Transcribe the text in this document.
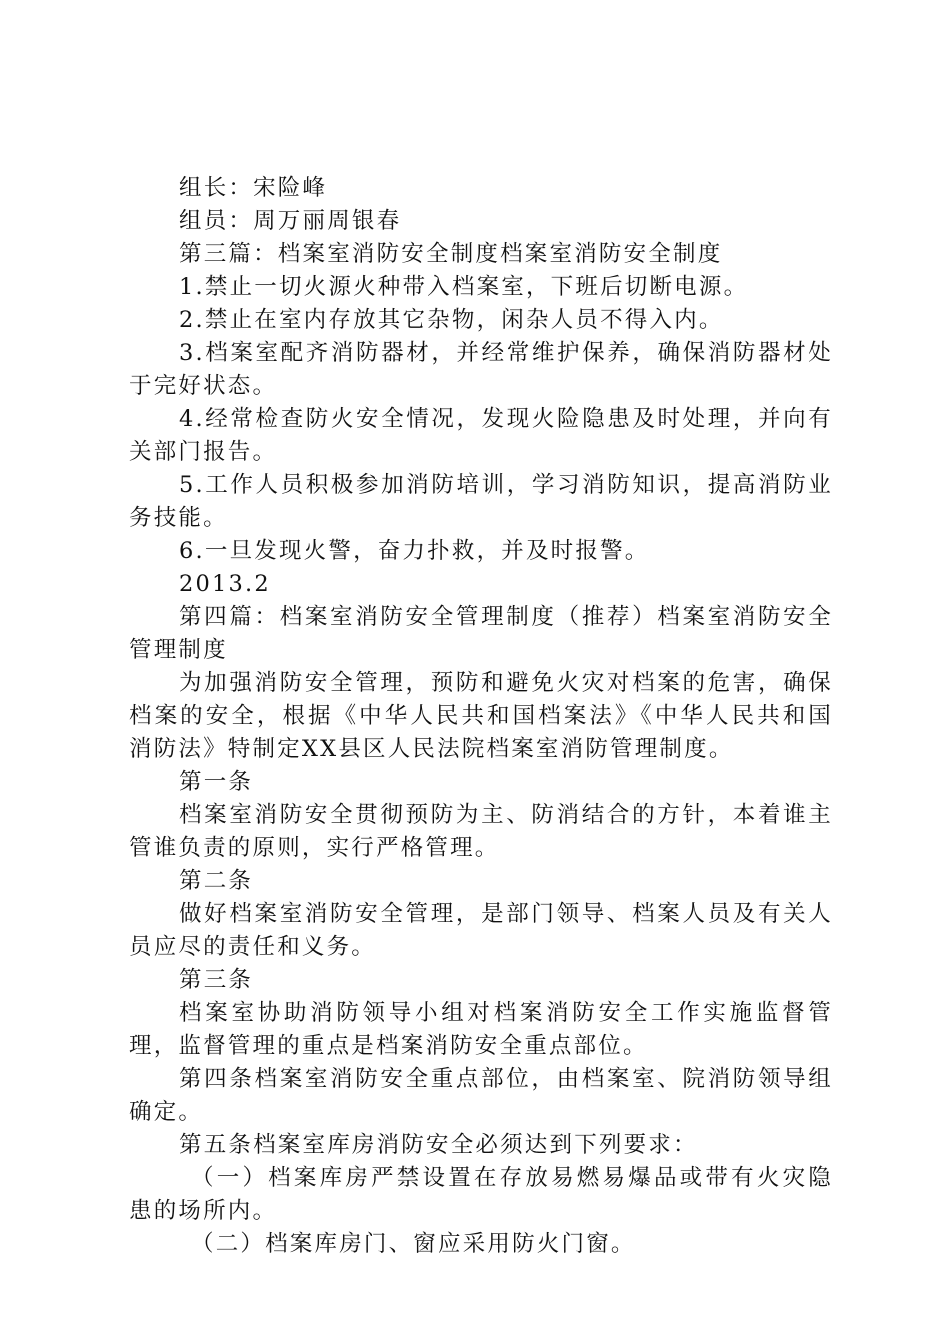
组长：宋险峰

组员：周万丽周银春

第三篇：档案室消防安全制度档案室消防安全制度

1.禁止一切火源火种带入档案室，下班后切断电源。

2.禁止在室内存放其它杂物，闲杂人员不得入内。

3.档案室配齐消防器材，并经常维护保养，确保消防器材处于完好状态。

4.经常检查防火安全情况，发现火险隐患及时处理，并向有关部门报告。

5.工作人员积极参加消防培训，学习消防知识，提高消防业务技能。

6.一旦发现火警，奋力扑救，并及时报警。

2013.2

第四篇：档案室消防安全管理制度（推荐）档案室消防安全管理制度

为加强消防安全管理，预防和避免火灾对档案的危害，确保档案的安全，根据《中华人民共和国档案法》《中华人民共和国消防法》特制定XX县区人民法院档案室消防管理制度。

第一条

档案室消防安全贯彻预防为主、防消结合的方针，本着谁主管谁负责的原则，实行严格管理。

第二条

做好档案室消防安全管理，是部门领导、档案人员及有关人员应尽的责任和义务。

第三条

档案室协助消防领导小组对档案消防安全工作实施监督管理，监督管理的重点是档案消防安全重点部位。

第四条档案室消防安全重点部位，由档案室、院消防领导组确定。

第五条档案室库房消防安全必须达到下列要求：

（一）档案库房严禁设置在存放易燃易爆品或带有火灾隐患的场所内。

（二）档案库房门、窗应采用防火门窗。
